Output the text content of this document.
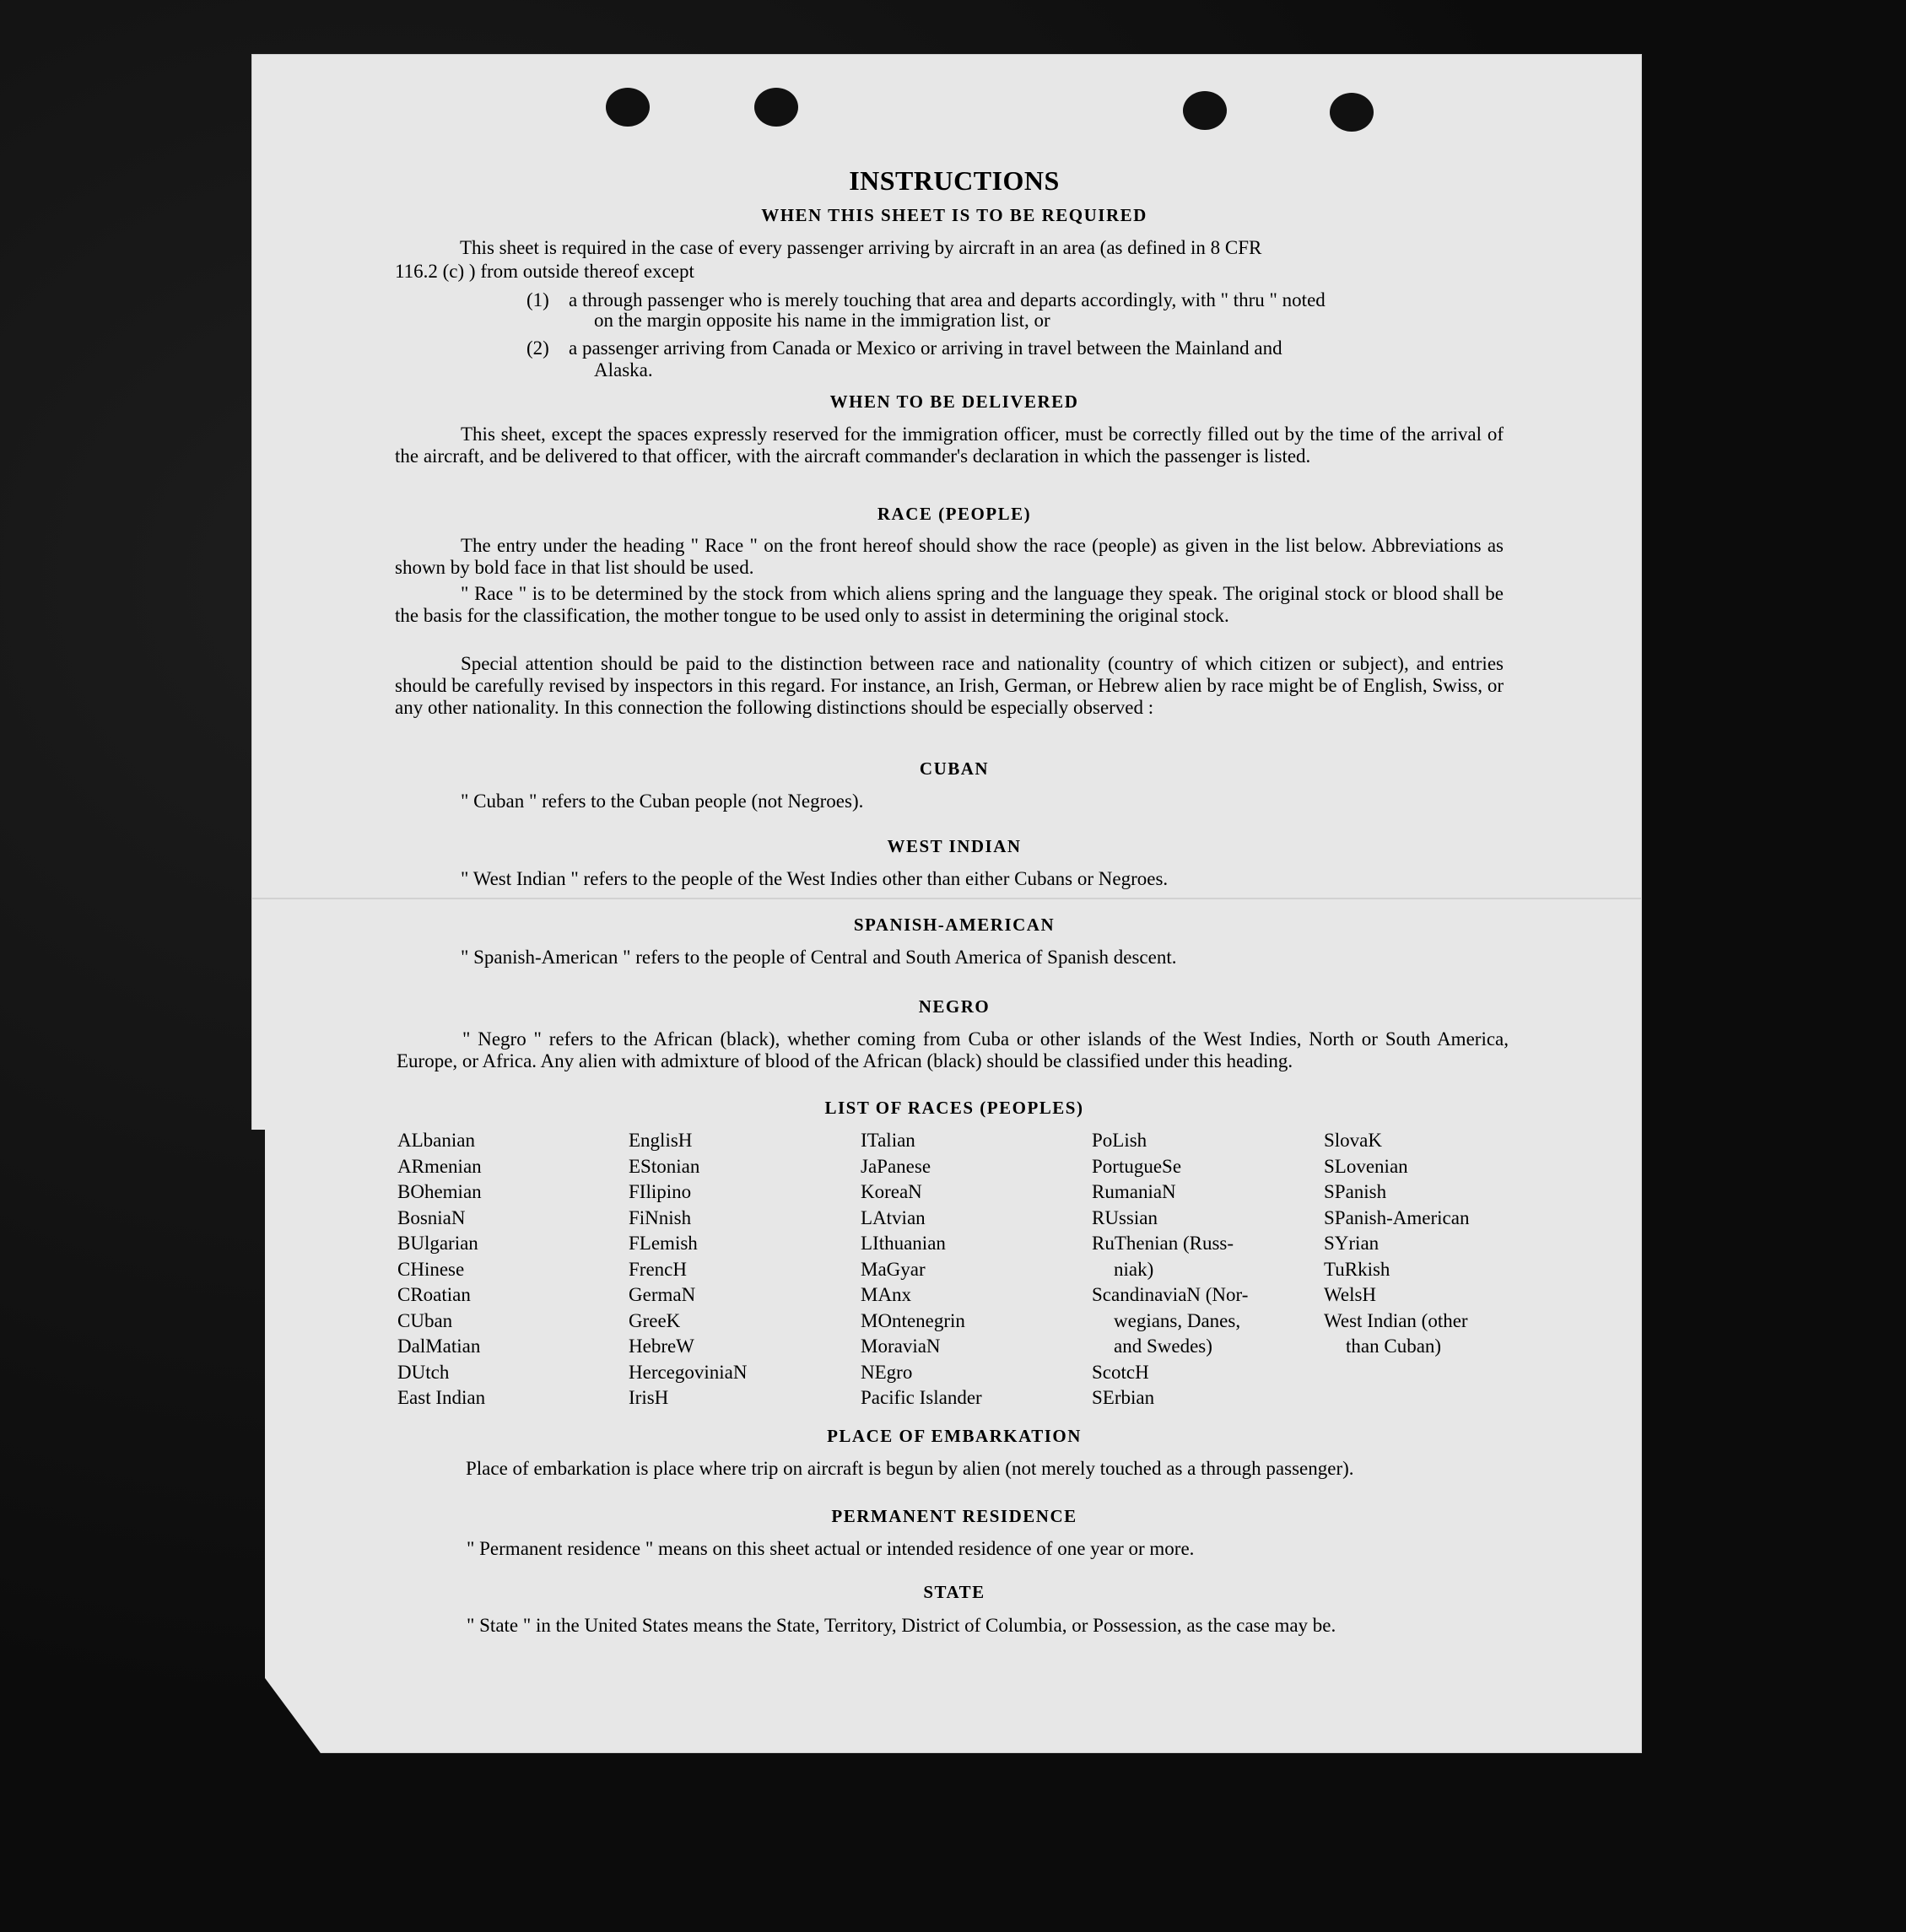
INSTRUCTIONS
WHEN THIS SHEET IS TO BE REQUIRED
This sheet is required in the case of every passenger arriving by aircraft in an area (as defined in 8 CFR
116.2 (c) ) from outside thereof except
(1) a through passenger who is merely touching that area and departs accordingly, with " thru " noted
on the margin opposite his name in the immigration list, or
(2) a passenger arriving from Canada or Mexico or arriving in travel between the Mainland and
Alaska.
WHEN TO BE DELIVERED
This sheet, except the spaces expressly reserved for the immigration officer, must be correctly filled out by the time of the arrival of the aircraft, and be delivered to that officer, with the aircraft commander's declaration in which the passenger is listed.
RACE (PEOPLE)
The entry under the heading " Race " on the front hereof should show the race (people) as given in the list below. Abbreviations as shown by bold face in that list should be used.
" Race " is to be determined by the stock from which aliens spring and the language they speak. The original stock or blood shall be the basis for the classification, the mother tongue to be used only to assist in determining the original stock.
Special attention should be paid to the distinction between race and nationality (country of which citizen or subject), and entries should be carefully revised by inspectors in this regard. For instance, an Irish, German, or Hebrew alien by race might be of English, Swiss, or any other nationality. In this connection the following distinctions should be especially observed :
CUBAN
" Cuban " refers to the Cuban people (not Negroes).
WEST INDIAN
" West Indian " refers to the people of the West Indies other than either Cubans or Negroes.
SPANISH-AMERICAN
" Spanish-American " refers to the people of Central and South America of Spanish descent.
NEGRO
" Negro " refers to the African (black), whether coming from Cuba or other islands of the West Indies, North or South America, Europe, or Africa. Any alien with admixture of blood of the African (black) should be classified under this heading.
LIST OF RACES (PEOPLES)
ALbanian
ARmenian
BOhemian
BosniaN
BUlgarian
CHinese
CRoatian
CUban
DalMatian
DUtch
East Indian
EnglisH
EStonian
FIlipino
FiNnish
FLemish
FrencH
GermaN
GreeK
HebreW
HercegoviniaN
IrisH
ITalian
JaPanese
KoreaN
LAtvian
LIthuanian
MaGyar
MAnx
MOntenegrin
MoraviaN
NEgro
Pacific Islander
PoLish
PortugueSe
RumaniaN
RUssian
RuThenian (Russ-
niak)
ScandinaviaN (Nor-
wegians, Danes,
and Swedes)
ScotcH
SErbian
SlovaK
SLovenian
SPanish
SPanish-American
SYrian
TuRkish
WelsH
West Indian (other
than Cuban)
PLACE OF EMBARKATION
Place of embarkation is place where trip on aircraft is begun by alien (not merely touched as a through passenger).
PERMANENT RESIDENCE
" Permanent residence " means on this sheet actual or intended residence of one year or more.
STATE
" State " in the United States means the State, Territory, District of Columbia, or Possession, as the case may be.
